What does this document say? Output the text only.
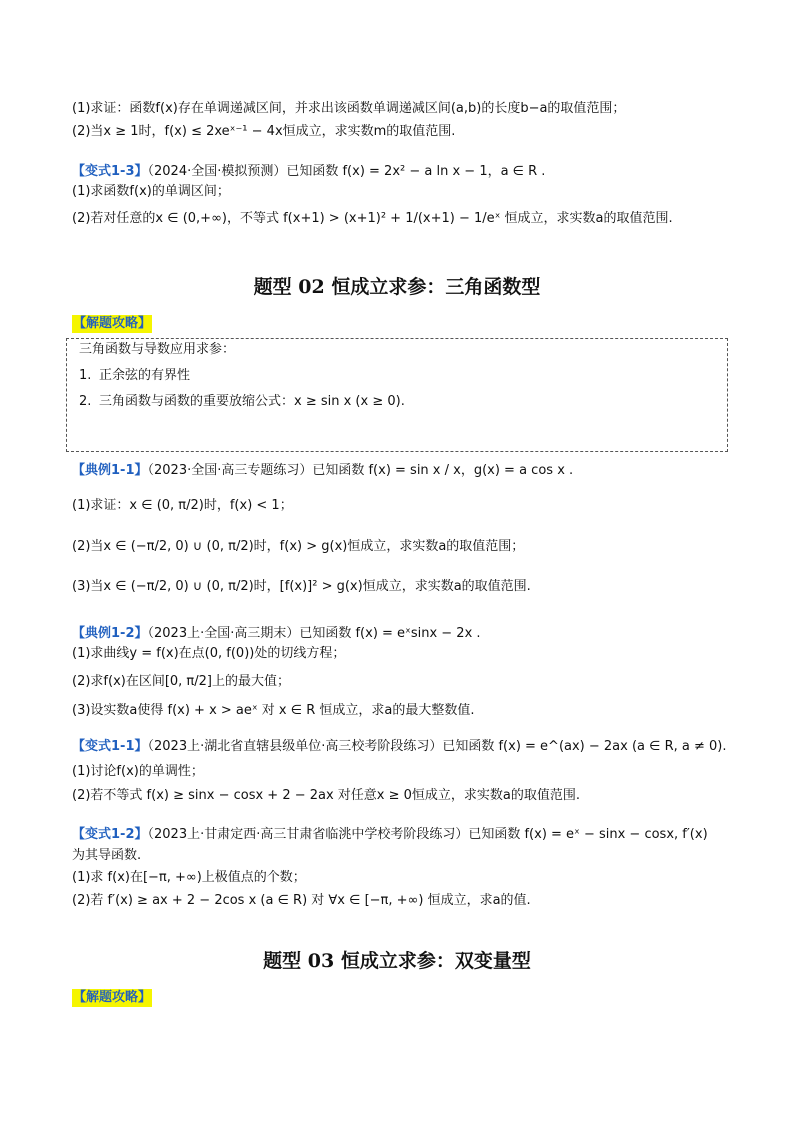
(1)求证：函数f(x)存在单调递减区间，并求出该函数单调递减区间(a,b)的长度b−a的取值范围；
(2)当x ≥ 1时，f(x) ≤ 2xeˣ⁻¹ − 4x恒成立，求实数m的取值范围.
【变式1-3】（2024·全国·模拟预测）已知函数 f(x) = 2x² − a ln x − 1，a ∈ R .
(1)求函数f(x)的单调区间；
(2)若对任意的x ∈ (0,+∞)，不等式 f(x+1) > (x+1)² + 1/(x+1) − 1/eˣ 恒成立，求实数a的取值范围.
题型 02 恒成立求参：三角函数型
【解题攻略】
三角函数与导数应用求参：
1. 正余弦的有界性
2. 三角函数与函数的重要放缩公式：x ≥ sin x (x ≥ 0).
【典例1-1】（2023·全国·高三专题练习）已知函数 f(x) = sin x / x，g(x) = a cos x .
(1)求证：x ∈ (0, π/2)时，f(x) < 1；
(2)当x ∈ (−π/2, 0) ∪ (0, π/2)时，f(x) > g(x)恒成立，求实数a的取值范围；
(3)当x ∈ (−π/2, 0) ∪ (0, π/2)时，[f(x)]² > g(x)恒成立，求实数a的取值范围.
【典例1-2】（2023上·全国·高三期末）已知函数 f(x) = eˣsinx − 2x .
(1)求曲线y = f(x)在点(0, f(0))处的切线方程；
(2)求f(x)在区间[0, π/2]上的最大值；
(3)设实数a使得 f(x) + x > aeˣ 对 x ∈ R 恒成立，求a的最大整数值.
【变式1-1】（2023上·湖北省直辖县级单位·高三校考阶段练习）已知函数 f(x) = e^(ax) − 2ax (a ∈ R, a ≠ 0).
(1)讨论f(x)的单调性；
(2)若不等式 f(x) ≥ sinx − cosx + 2 − 2ax 对任意x ≥ 0恒成立，求实数a的取值范围.
【变式1-2】（2023上·甘肃定西·高三甘肃省临洮中学校考阶段练习）已知函数 f(x) = eˣ − sinx − cosx, f′(x)
为其导函数.
(1)求 f(x)在[−π, +∞)上极值点的个数；
(2)若 f′(x) ≥ ax + 2 − 2cos x (a ∈ R) 对 ∀x ∈ [−π, +∞) 恒成立，求a的值.
题型 03 恒成立求参：双变量型
【解题攻略】
